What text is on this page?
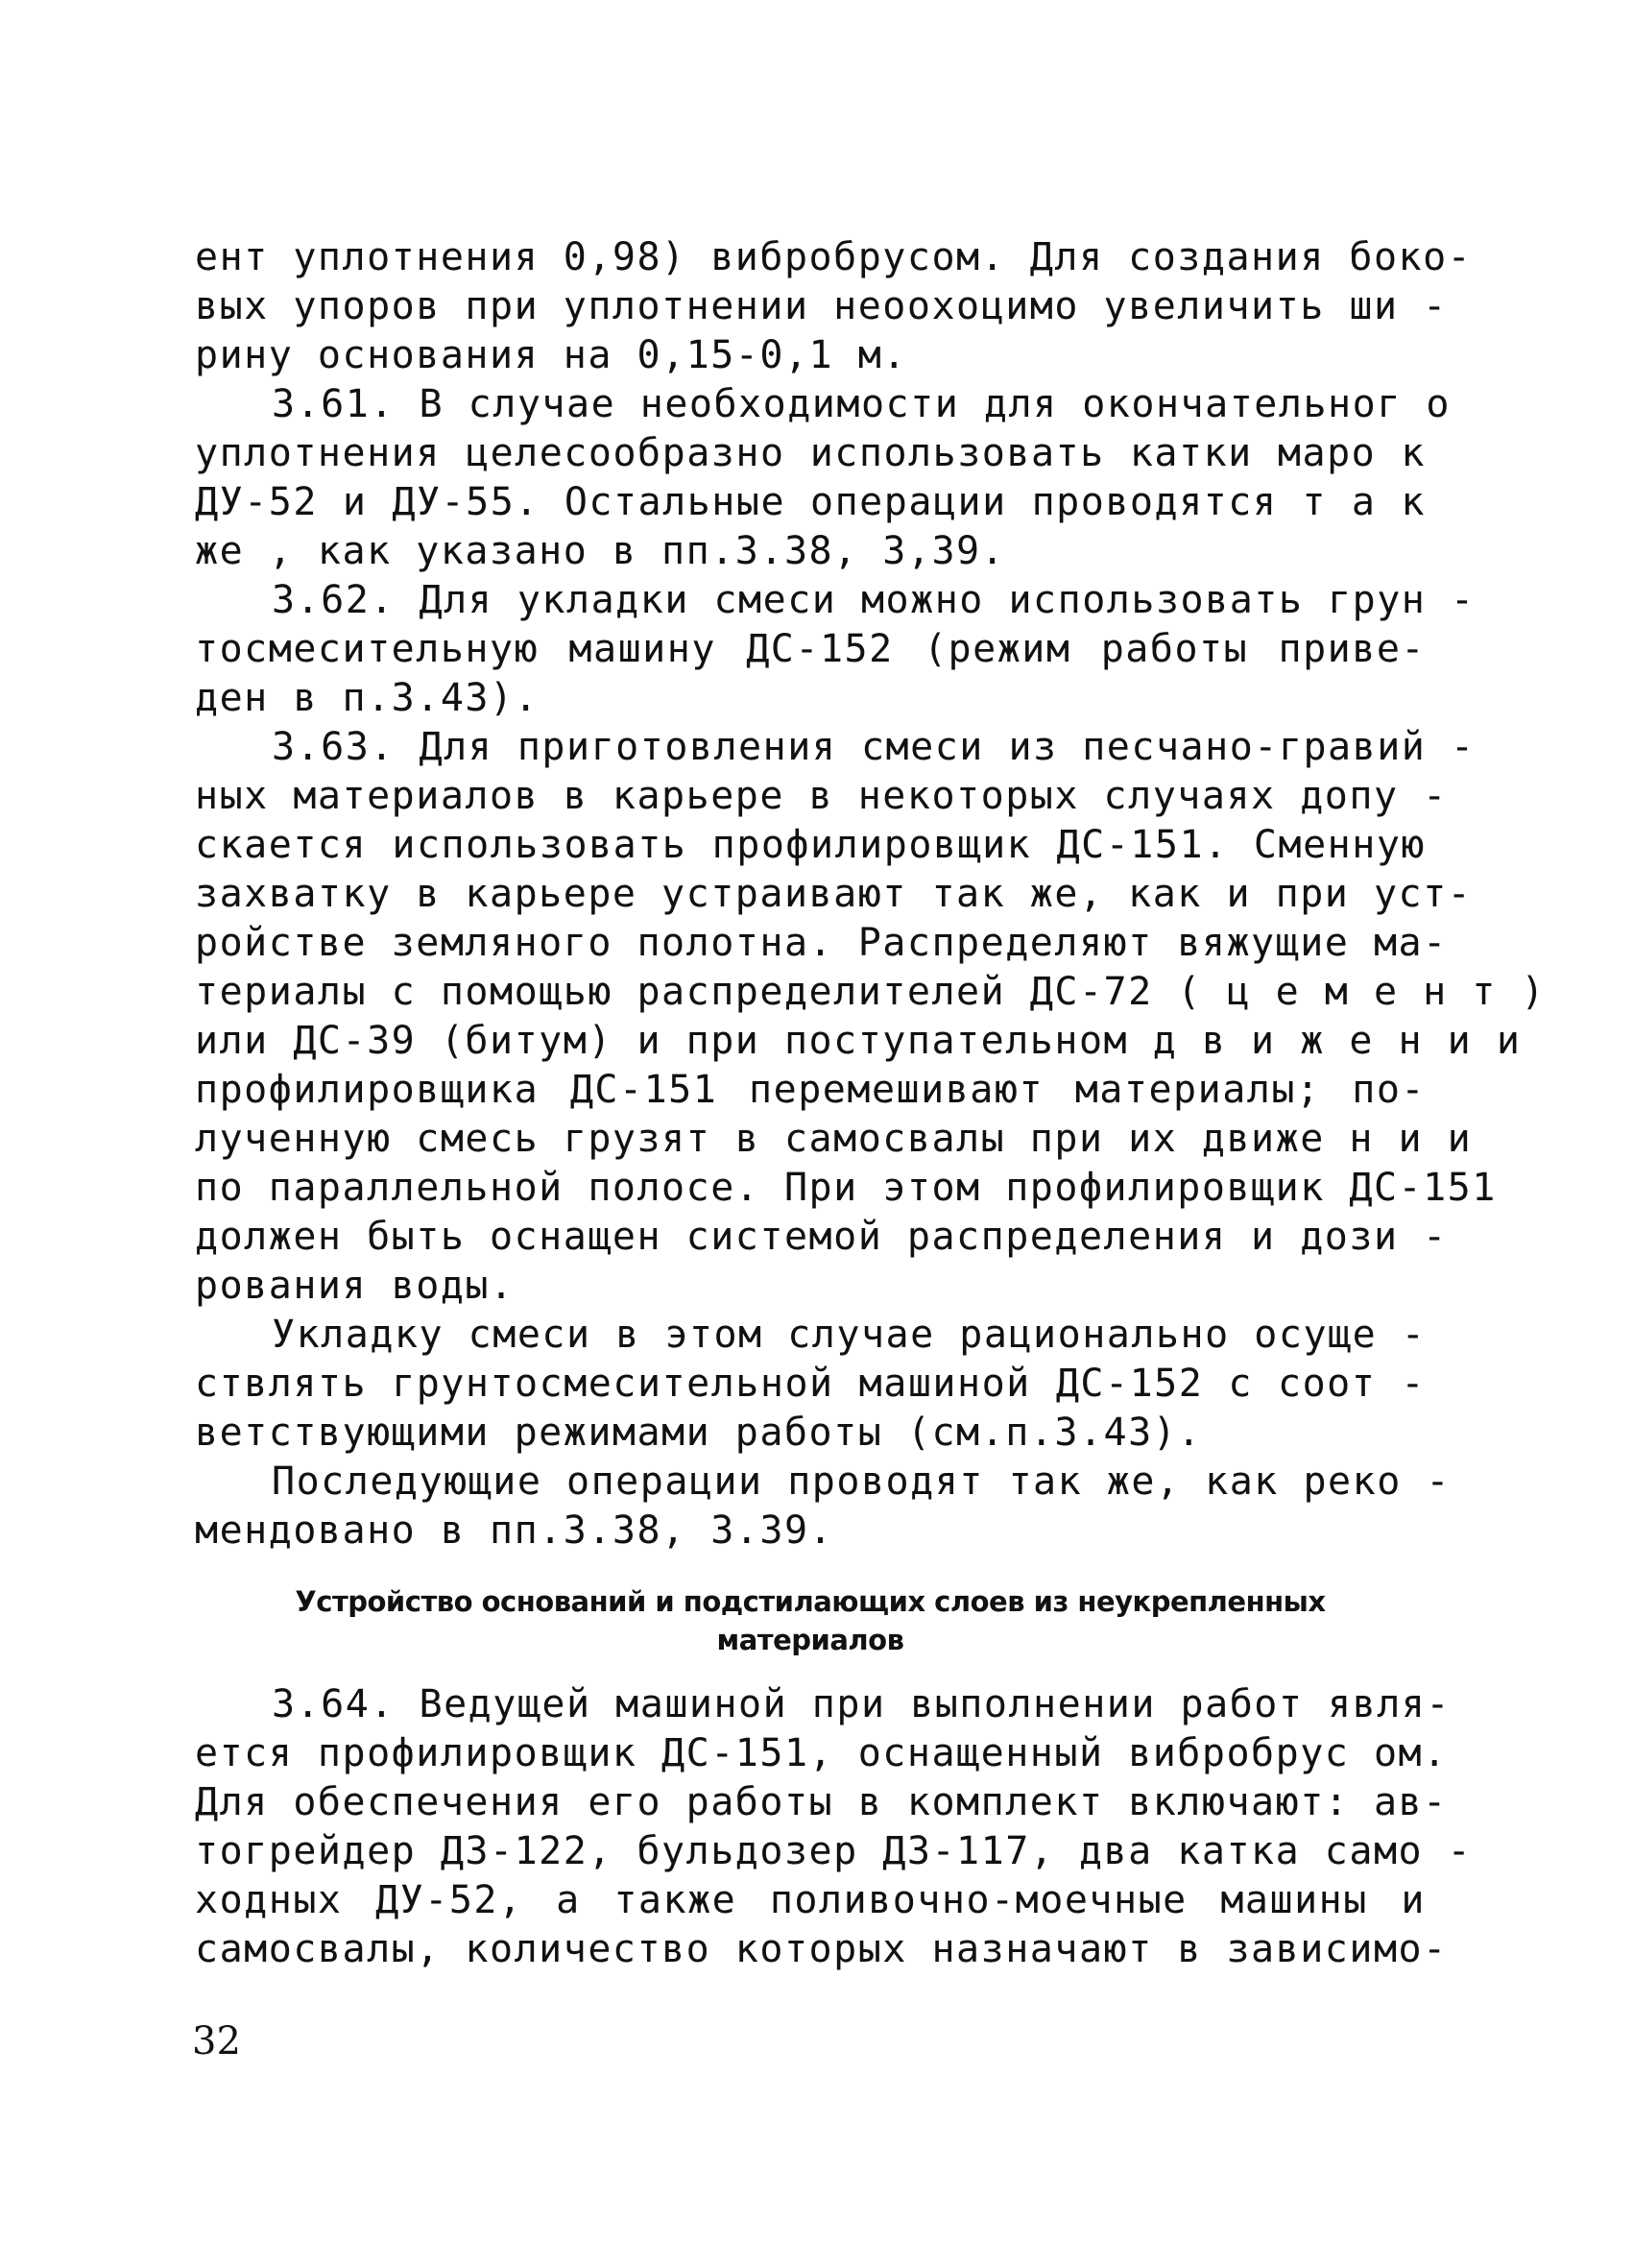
ент уплотнения 0,98) вибробрусом. Для создания боко-
вых упоров при уплотнении неоохоцимо увеличить ши -
рину основания на 0,15-0,1 м.
3.61. В случае необходимости для окончательног о
уплотнения целесообразно использовать катки маро к
ДУ-52 и ДУ-55. Остальные операции проводятся т а к
же , как указано в пп.3.38, 3,39.
3.62. Для укладки смеси можно использовать грун -
тосмесительную машину ДС-152 (режим работы приве-
ден в п.3.43).
3.63. Для приготовления смеси из песчано-гравий -
ных материалов в карьере в некоторых случаях допу -
скается использовать профилировщик ДС-151. Сменную
захватку в карьере устраивают так же, как и при уст-
ройстве земляного полотна. Распределяют вяжущие ма-
териалы с помощью распределителей ДС-72 ( ц е м е н т )
или ДС-39 (битум) и при поступательном д в и ж е н и и
профилировщика ДС-151 перемешивают материалы; по-
лученную смесь грузят в самосвалы при их движе н и и
по параллельной полосе. При этом профилировщик ДС-151
должен быть оснащен системой распределения и дози -
рования воды.
Укладку смеси в этом случае рационально осуще -
ствлять грунтосмесительной машиной ДС-152 с соот -
ветствующими режимами работы (см.п.3.43).
Последующие операции проводят так же, как реко -
мендовано в пп.3.38, 3.39.
Устройство оснований и подстилающих слоев из неукрепленных
материалов
3.64. Ведущей машиной при выполнении работ явля-
ется профилировщик ДС-151, оснащенный вибробрус ом.
Для обеспечения его работы в комплект включают: ав-
тогрейдер ДЗ-122, бульдозер ДЗ-117, два катка само -
ходных ДУ-52, а также поливочно-моечные машины и
самосвалы, количество которых назначают в зависимо-
32
